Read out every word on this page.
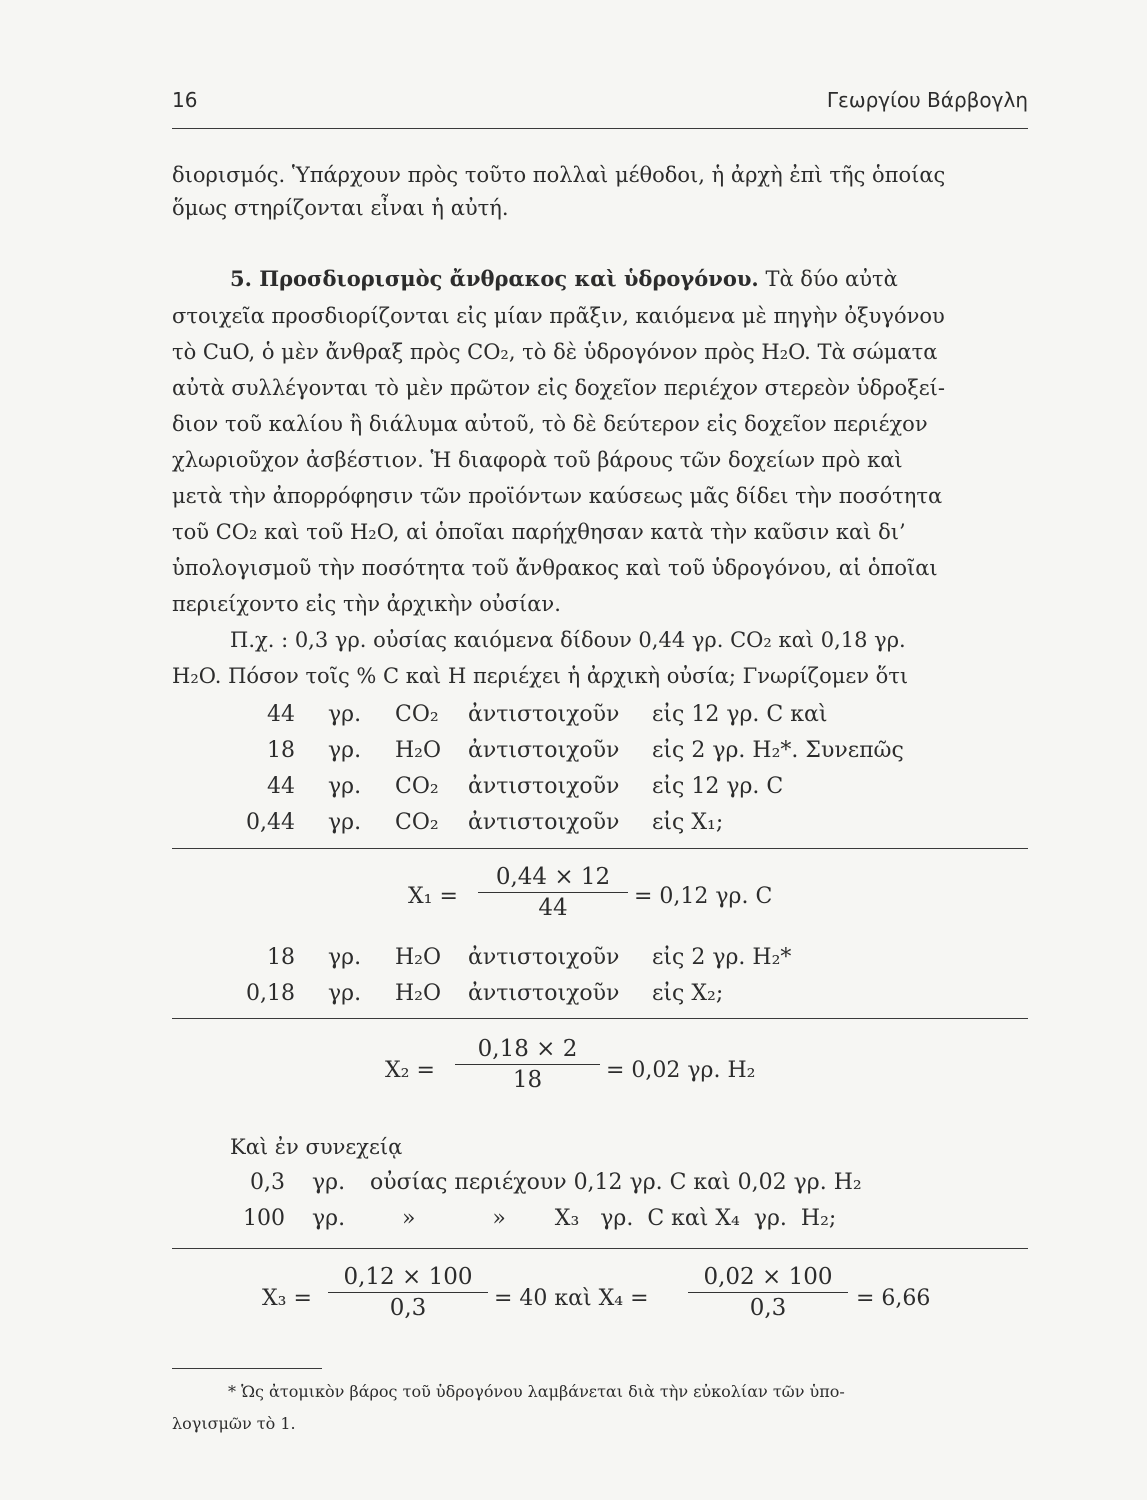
16	Γεωργίου Βάρβογλη
διορισμός. Ὑπάρχουν πρὸς τοῦτο πολλαὶ μέθοδοι, ἡ ἀρχὴ ἐπὶ τῆς ὁποίας
ὅμως στηρίζονται εἶναι ἡ αὐτή.
5. Προσδιορισμὸς ἄνθρακος καὶ ὑδρογόνου. Τὰ δύο αὐτὰ
στοιχεῖα προσδιορίζονται εἰς μίαν πρᾶξιν, καιόμενα μὲ πηγὴν ὀξυγόνου
τὸ CuO, ὁ μὲν ἄνθραξ πρὸς CO₂, τὸ δὲ ὑδρογόνον πρὸς H₂O. Τὰ σώματα
αὐτὰ συλλέγονται τὸ μὲν πρῶτον εἰς δοχεῖον περιέχον στερεὸν ὑδροξεί-
διον τοῦ καλίου ἢ διάλυμα αὐτοῦ, τὸ δὲ δεύτερον εἰς δοχεῖον περιέχον
χλωριοῦχον ἀσβέστιον. Ἡ διαφορὰ τοῦ βάρους τῶν δοχείων πρὸ καὶ
μετὰ τὴν ἀπορρόφησιν τῶν προϊόντων καύσεως μᾶς δίδει τὴν ποσότητα
τοῦ CO₂ καὶ τοῦ H₂O, αἱ ὁποῖαι παρήχθησαν κατὰ τὴν καῦσιν καὶ δι’
ὑπολογισμοῦ τὴν ποσότητα τοῦ ἄνθρακος καὶ τοῦ ὑδρογόνου, αἱ ὁποῖαι
περιείχοντο εἰς τὴν ἀρχικὴν οὐσίαν.
Π.χ. : 0,3 γρ. οὐσίας καιόμενα δίδουν 0,44 γρ. CO₂ καὶ 0,18 γρ.
H₂O. Πόσον τοῖς % C καὶ H περιέχει ἡ ἀρχικὴ οὐσία; Γνωρίζομεν ὅτι
44 γρ. CO₂ ἀντιστοιχοῦν εἰς 12 γρ. C καὶ
18 γρ. H₂O ἀντιστοιχοῦν εἰς 2 γρ. H₂*. Συνεπῶς
44 γρ. CO₂ ἀντιστοιχοῦν εἰς 12 γρ. C
0,44 γρ. CO₂ ἀντιστοιχοῦν εἰς X₁;
$X_1 = \frac{0,44 \times 12}{44} = 0,12$ γρ. C
18 γρ. H₂O ἀντιστοιχοῦν εἰς 2 γρ. H₂*
0,18 γρ. H₂O ἀντιστοιχοῦν εἰς X₂;
$X_2 = \frac{0,18 \times 2}{18} = 0,02$ γρ. H₂
Καὶ ἐν συνεχείᾳ
0,3 γρ. οὐσίας περιέχουν 0,12 γρ. C καὶ 0,02 γρ. H₂
100 γρ.	»           »       X₃   γρ.  C καὶ X₄  γρ.  H₂;
$X_3 = \frac{0,12 \times 100}{0,3} = 40$ καὶ $X_4 = \frac{0,02 \times 100}{0,3} = 6,66$
* Ὡς ἀτομικὸν βάρος τοῦ ὑδρογόνου λαμβάνεται διὰ τὴν εὐκολίαν τῶν ὑπο-
λογισμῶν τὸ 1.
